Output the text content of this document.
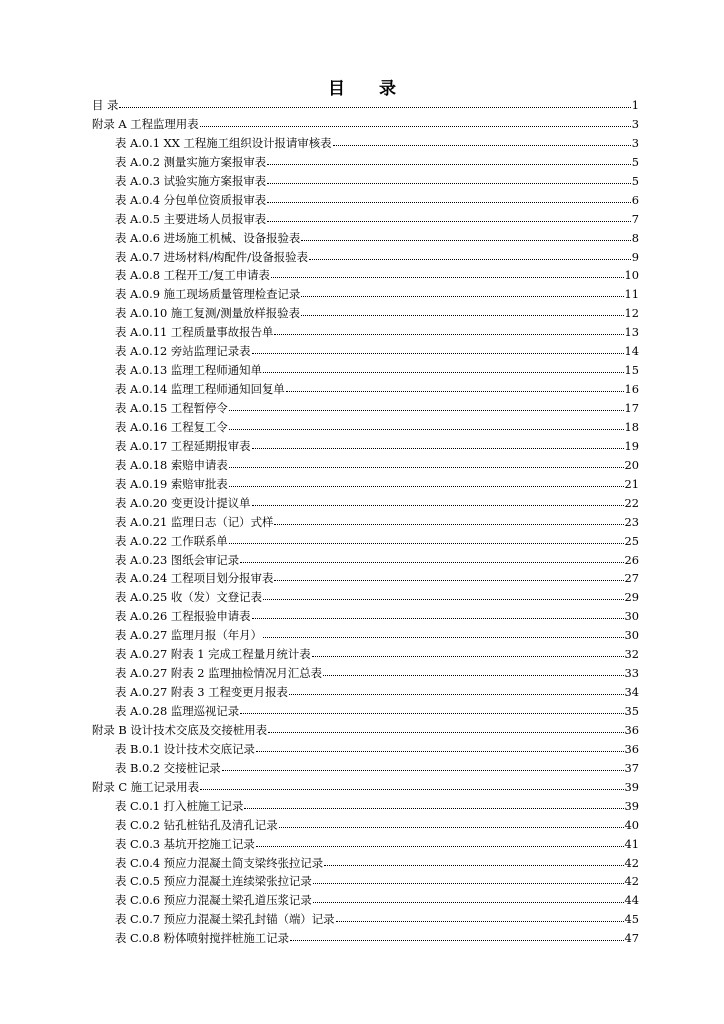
目 录
目 录	1
附录 A 工程监理用表	3
表 A.0.1 XX 工程施工组织设计报请审核表	3
表 A.0.2 测量实施方案报审表	5
表 A.0.3 试验实施方案报审表	5
表 A.0.4 分包单位资质报审表	6
表 A.0.5 主要进场人员报审表	7
表 A.0.6 进场施工机械、设备报验表	8
表 A.0.7 进场材料/构配件/设备报验表	9
表 A.0.8 工程开工/复工申请表	10
表 A.0.9 施工现场质量管理检查记录	11
表 A.0.10 施工复测/测量放样报验表	12
表 A.0.11 工程质量事故报告单	13
表 A.0.12 旁站监理记录表	14
表 A.0.13 监理工程师通知单	15
表 A.0.14 监理工程师通知回复单	16
表 A.0.15 工程暂停令	17
表 A.0.16 工程复工令	18
表 A.0.17 工程延期报审表	19
表 A.0.18 索赔申请表	20
表 A.0.19 索赔审批表	21
表 A.0.20 变更设计提议单	22
表 A.0.21 监理日志（记）式样	23
表 A.0.22 工作联系单	25
表 A.0.23 图纸会审记录	26
表 A.0.24 工程项目划分报审表	27
表 A.0.25 收（发）文登记表	29
表 A.0.26 工程报验申请表	30
表 A.0.27 监理月报（年月）	30
表 A.0.27 附表 1 完成工程量月统计表	32
表 A.0.27 附表 2 监理抽检情况月汇总表	33
表 A.0.27 附表 3 工程变更月报表	34
表 A.0.28 监理巡视记录	35
附录 B 设计技术交底及交接桩用表	36
表 B.0.1 设计技术交底记录	36
表 B.0.2 交接桩记录	37
附录 C 施工记录用表	39
表 C.0.1 打入桩施工记录	39
表 C.0.2 钻孔桩钻孔及清孔记录	40
表 C.0.3 基坑开挖施工记录	41
表 C.0.4 预应力混凝土简支梁终张拉记录	42
表 C.0.5 预应力混凝土连续梁张拉记录	42
表 C.0.6 预应力混凝土梁孔道压浆记录	44
表 C.0.7 预应力混凝土梁孔封锚（端）记录	45
表 C.0.8 粉体喷射搅拌桩施工记录	47
